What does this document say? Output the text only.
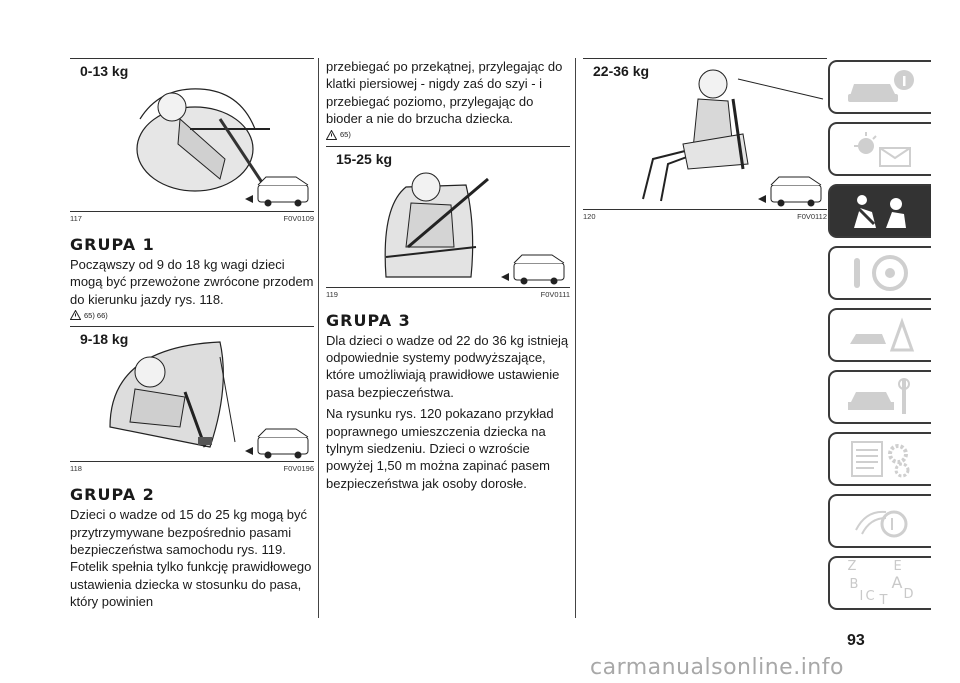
0-13 kg
117	F0V0109
GRUPA 1
Począwszy od 9 do 18 kg wagi dzieci mogą być przewożone zwrócone przodem do kierunku jazdy rys. 118.
65) 66)
9-18 kg
118	F0V0196
GRUPA 2
Dzieci o wadze od 15 do 25 kg mogą być przytrzymywane bezpośrednio pasami bezpieczeństwa samochodu rys. 119. Fotelik spełnia tylko funkcję prawidłowego ustawienia dziecka w stosunku do pasa, który powinien
przebiegać po przekątnej, przylegając do klatki piersiowej - nigdy zaś do szyi - i przebiegać poziomo, przylegając do bioder a nie do brzucha dziecka.
65)
15-25 kg
119	F0V0111
GRUPA 3
Dla dzieci o wadze od 22 do 36 kg istnieją odpowiednie systemy podwyższające, które umożliwiają prawidłowe ustawienie pasa bezpieczeństwa.
Na rysunku rys. 120 pokazano przykład poprawnego umieszczenia dziecka na tylnym siedzeniu. Dzieci o wzroście powyżej 1,50 m można zapinać pasem bezpieczeństwa jak osoby dorosłe.
22-36 kg
120	F0V0112
Z	E
B A
C D
I T
93
carmanualsonline.info
